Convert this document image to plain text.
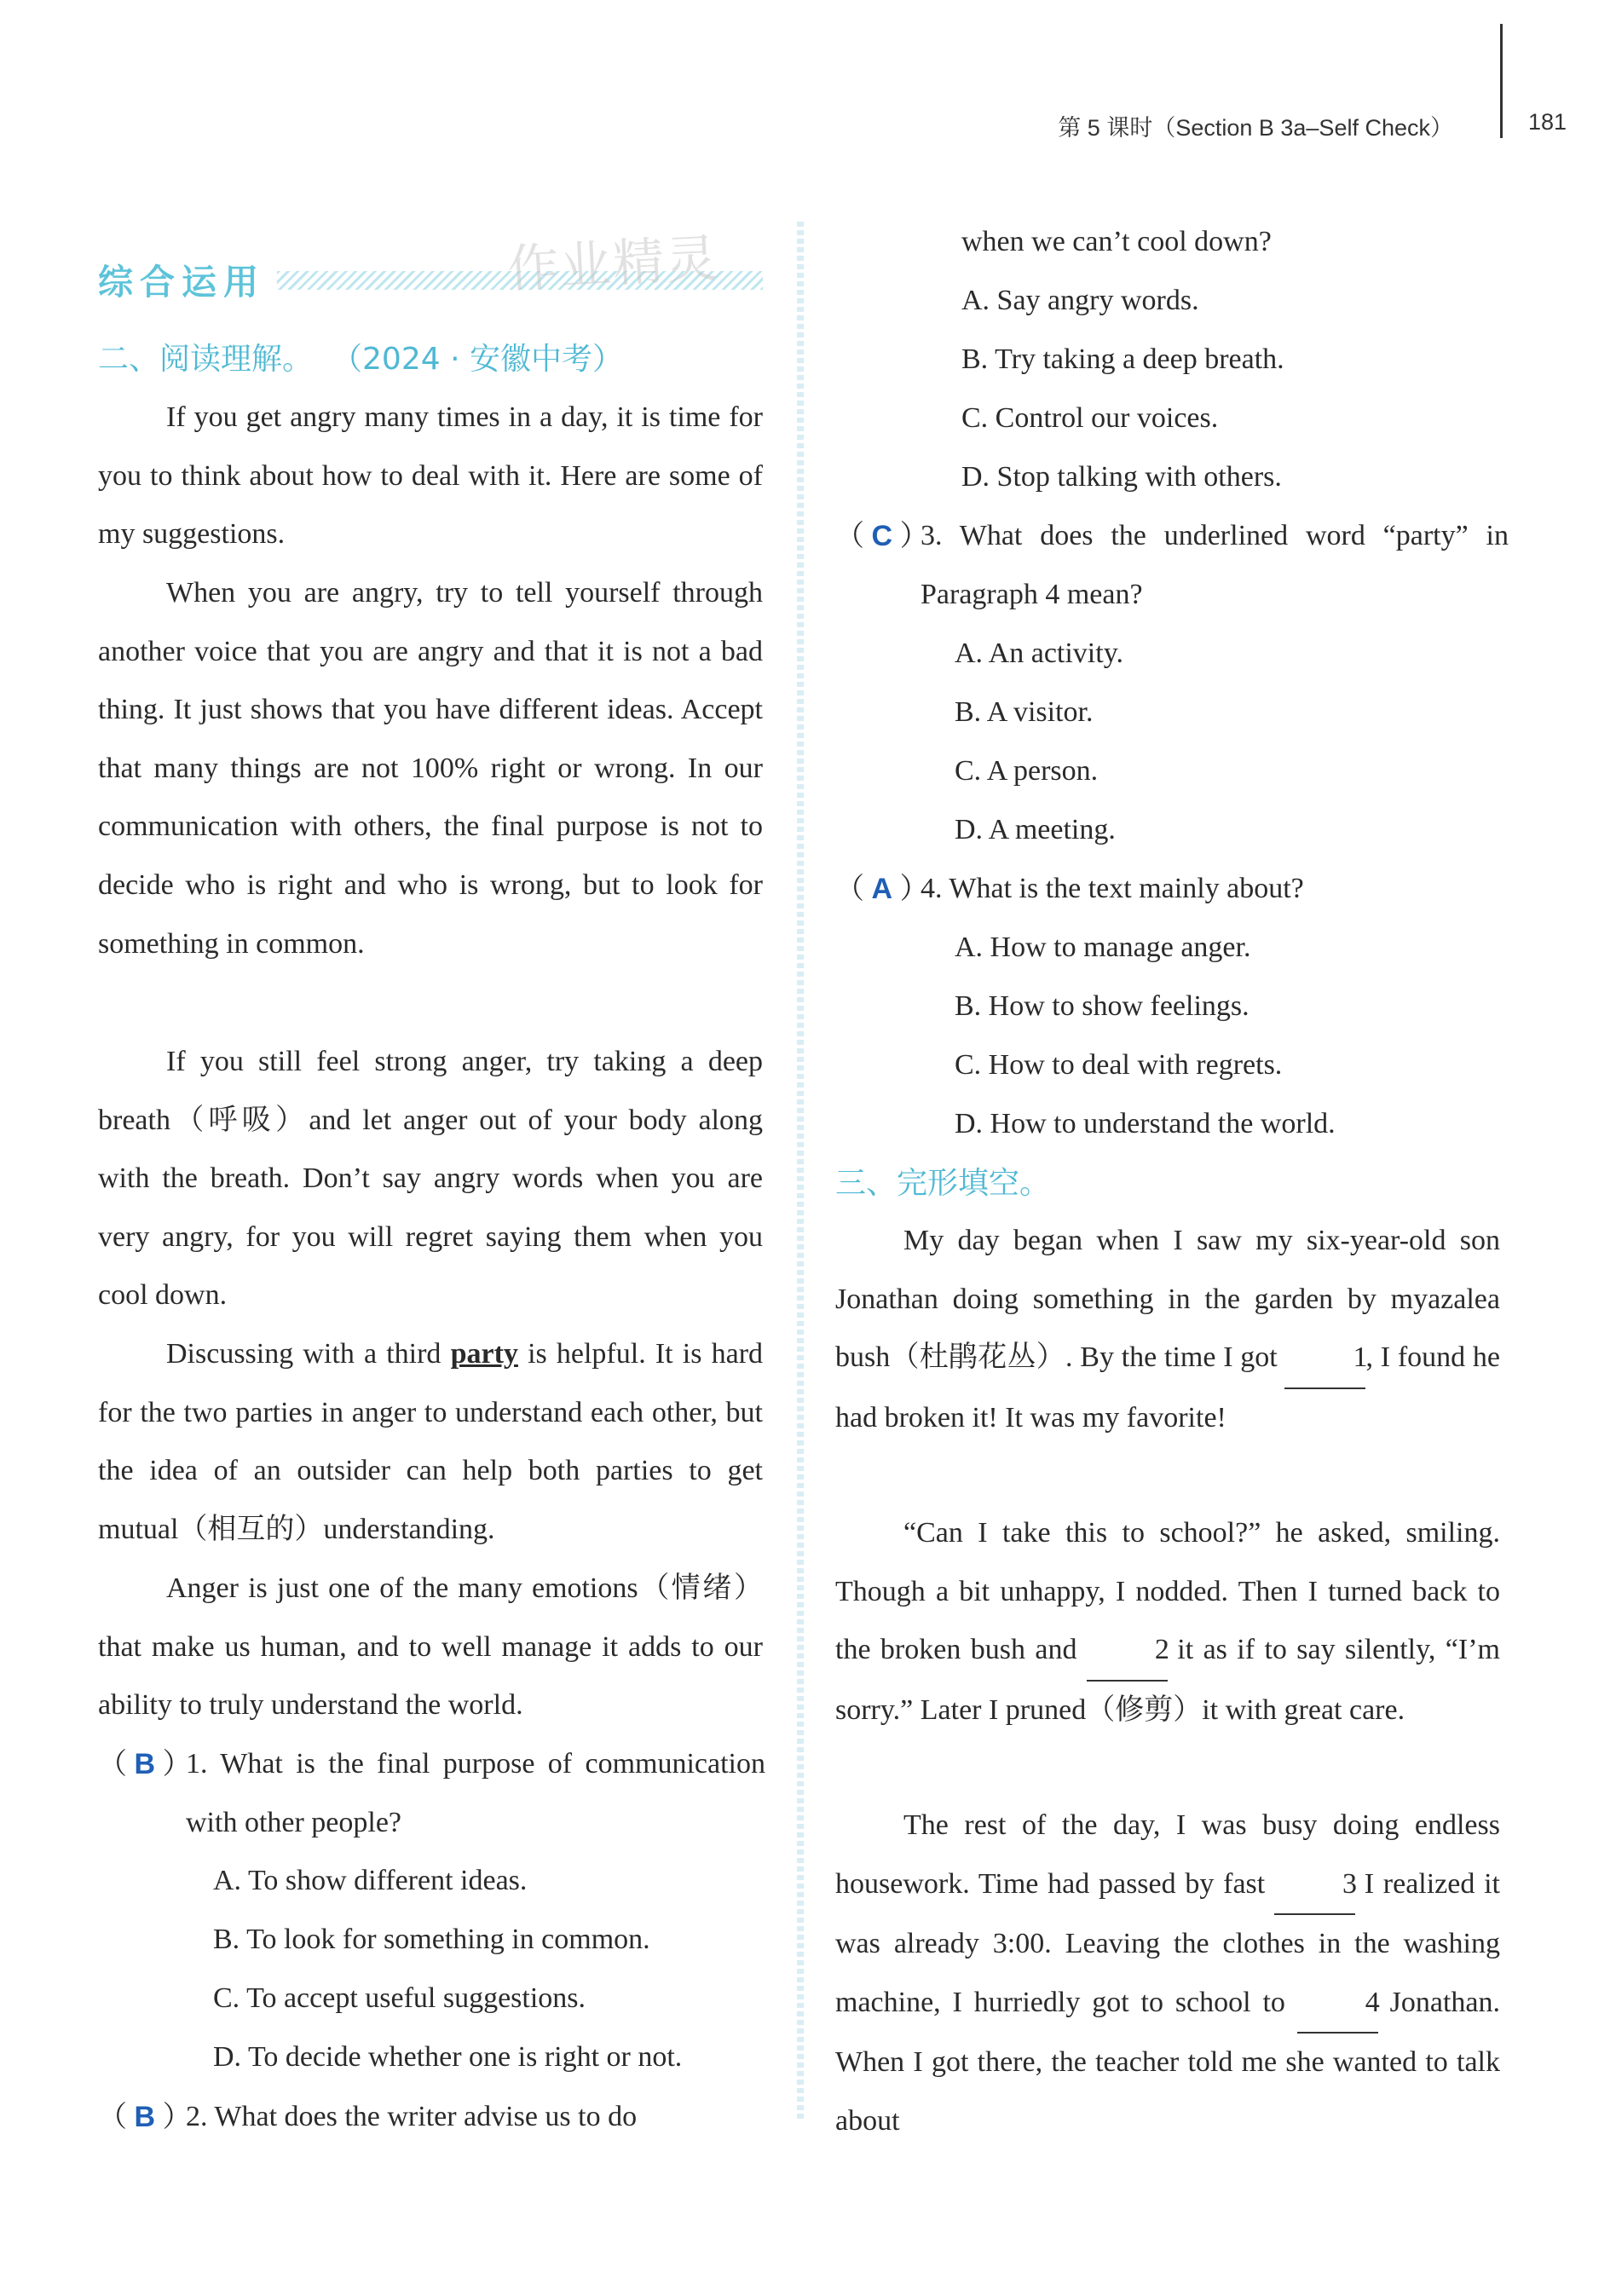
第 5 课时（Section B 3a–Self Check）	181
综合运用	作业精灵
二、阅读理解。 （2024 · 安徽中考）
If you get angry many times in a day, it is time for you to think about how to deal with it. Here are some of my suggestions.
When you are angry, try to tell yourself through another voice that you are angry and that it is not a bad thing. It just shows that you have different ideas. Accept that many things are not 100% right or wrong. In our communication with others, the final purpose is not to decide who is right and who is wrong, but to look for something in common.
If you still feel strong anger, try taking a deep breath（呼吸）and let anger out of your body along with the breath. Don’t say angry words when you are very angry, for you will regret saying them when you cool down.
Discussing with a third party is helpful. It is hard for the two parties in anger to understand each other, but the idea of an outsider can help both parties to get mutual（相互的）understanding.
Anger is just one of the many emotions（情绪）that make us human, and to well manage it adds to our ability to truly understand the world.
（ B ）
1. What is the final purpose of communication with other people?
A. To show different ideas.
B. To look for something in common.
C. To accept useful suggestions.
D. To decide whether one is right or not.
（ B ）
2. What does the writer advise us to do
when we can’t cool down?
A. Say angry words.
B. Try taking a deep breath.
C. Control our voices.
D. Stop talking with others.
（ C ）
3. What does the underlined word “party” in Paragraph 4 mean?
A. An activity.
B. A visitor.
C. A person.
D. A meeting.
（ A ）
4. What is the text mainly about?
A. How to manage anger.
B. How to show feelings.
C. How to deal with regrets.
D. How to understand the world.
三、完形填空。
My day began when I saw my six-year-old son Jonathan doing something in the garden by myazalea bush（杜鹃花丛）. By the time I got 1, I found he had broken it! It was my favorite!
“Can I take this to school?” he asked, smiling. Though a bit unhappy, I nodded. Then I turned back to the broken bush and 2 it as if to say silently, “I’m sorry.” Later I pruned（修剪）it with great care.
The rest of the day, I was busy doing endless housework. Time had passed by fast 3 I realized it was already 3:00. Leaving the clothes in the washing machine, I hurriedly got to school to 4 Jonathan. When I got there, the teacher told me she wanted to talk about
